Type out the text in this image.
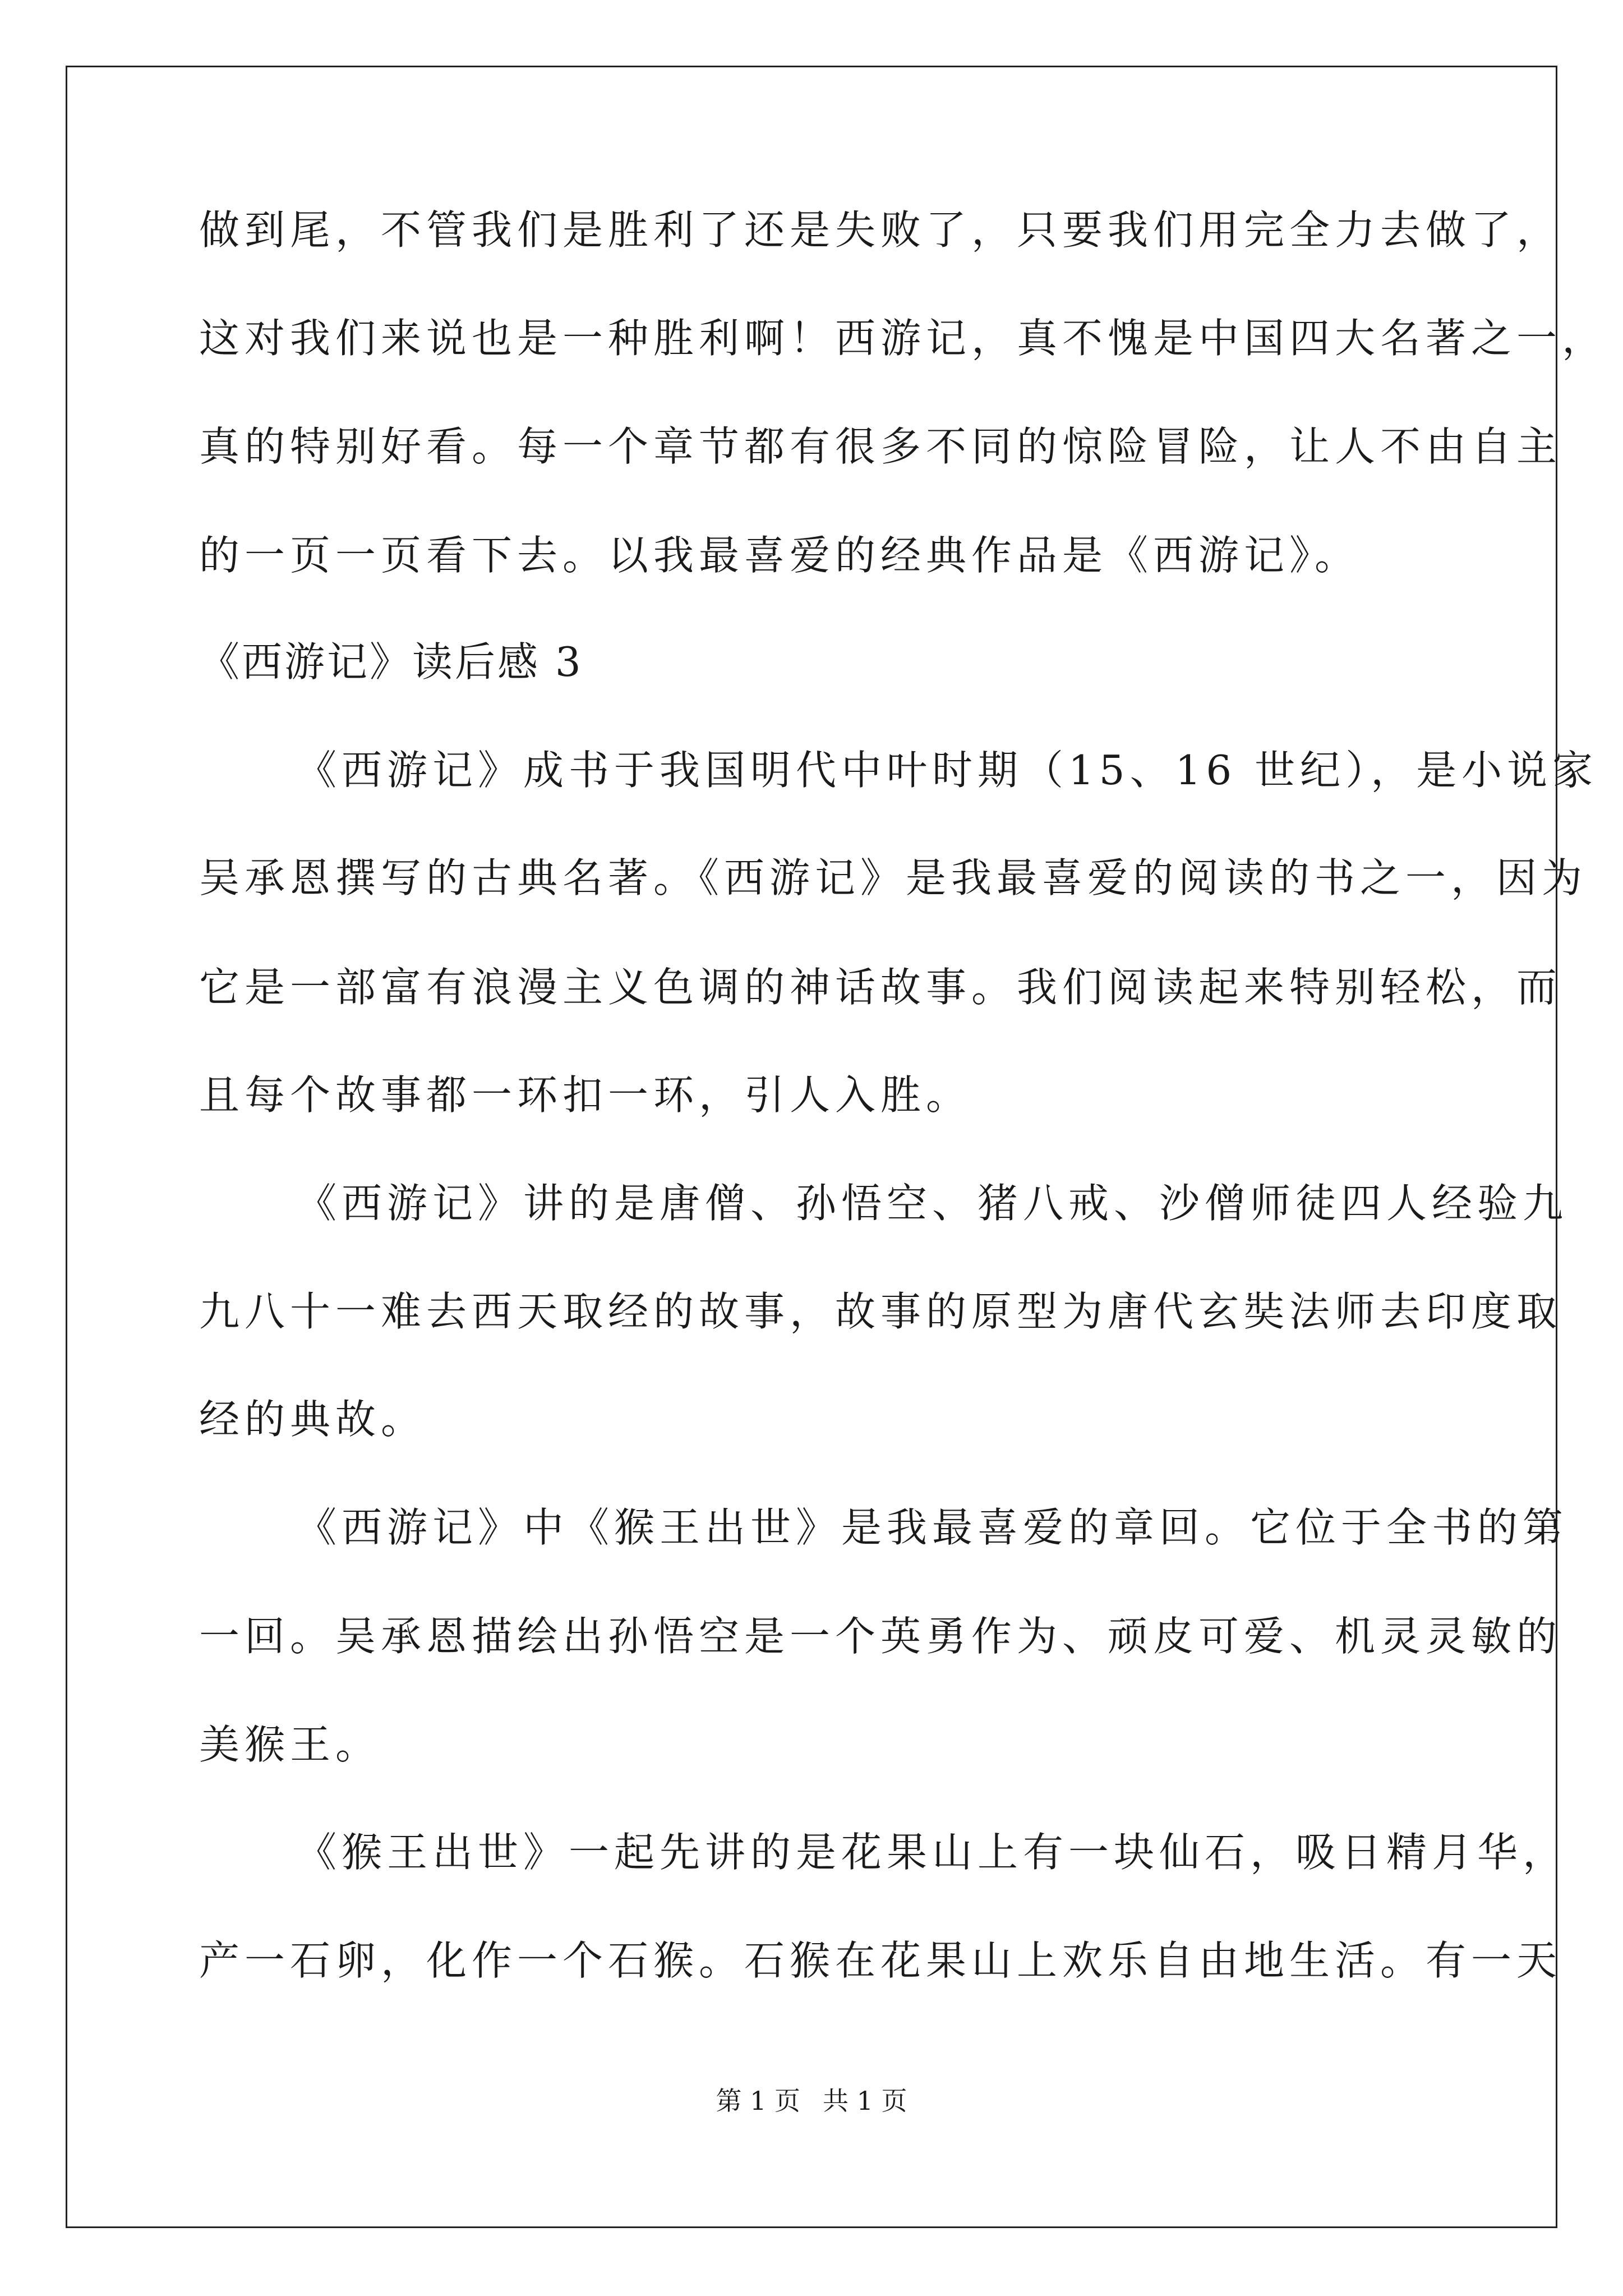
做到尾，不管我们是胜利了还是失败了，只要我们用完全力去做了，

这对我们来说也是一种胜利啊！西游记，真不愧是中国四大名著之一，

真的特别好看。每一个章节都有很多不同的惊险冒险，让人不由自主

的一页一页看下去。以我最喜爱的经典作品是《西游记》。

《西游记》读后感 3

《西游记》成书于我国明代中叶时期（15、16 世纪），是小说家

吴承恩撰写的古典名著。《西游记》是我最喜爱的阅读的书之一，因为

它是一部富有浪漫主义色调的神话故事。我们阅读起来特别轻松，而

且每个故事都一环扣一环，引人入胜。

《西游记》讲的是唐僧、孙悟空、猪八戒、沙僧师徒四人经验九

九八十一难去西天取经的故事，故事的原型为唐代玄奘法师去印度取

经的典故。

《西游记》中《猴王出世》是我最喜爱的章回。它位于全书的第

一回。吴承恩描绘出孙悟空是一个英勇作为、顽皮可爱、机灵灵敏的

美猴王。

《猴王出世》一起先讲的是花果山上有一块仙石，吸日精月华，

产一石卵，化作一个石猴。石猴在花果山上欢乐自由地生活。有一天

第 1 页 共 1 页
